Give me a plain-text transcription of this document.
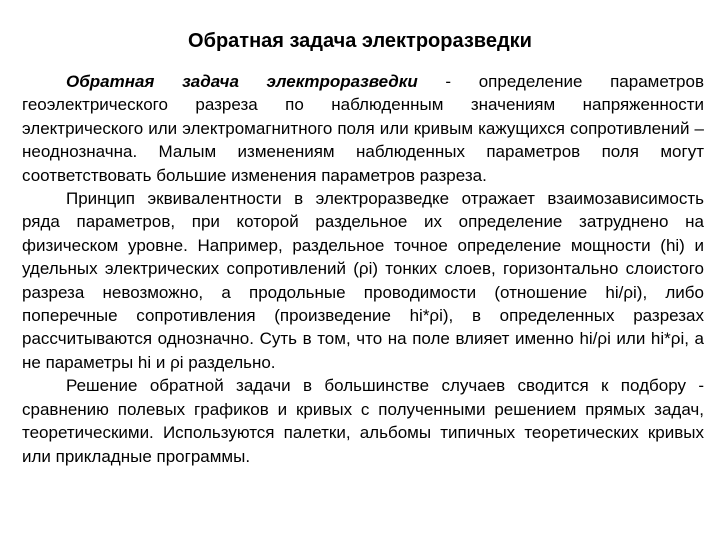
Обратная задача электроразведки

Обратная задача электроразведки - определение параметров геоэлектрического разреза по наблюденным значениям напряженности электрического или электромагнитного поля или кривым кажущихся сопротивлений – неоднозначна. Малым изменениям наблюденных параметров поля могут соответствовать большие изменения параметров разреза.

Принцип эквивалентности в электроразведке отражает взаимозависимость ряда параметров, при которой раздельное их определение затруднено на физическом уровне. Например, раздельное точное определение мощности (hi) и удельных электрических сопротивлений (ρi) тонких слоев, горизонтально слоистого разреза невозможно, а продольные проводимости (отношение hi/ρi), либо поперечные сопротивления (произведение hi*ρi), в определенных разрезах рассчитываются однозначно. Суть в том, что на поле влияет именно hi/ρi или hi*ρi, а не параметры hi и ρi раздельно.

Решение обратной задачи в большинстве случаев сводится к подбору - сравнению полевых графиков и кривых с полученными решением прямых задач, теоретическими. Используются палетки, альбомы типичных теоретических кривых или прикладные программы.
